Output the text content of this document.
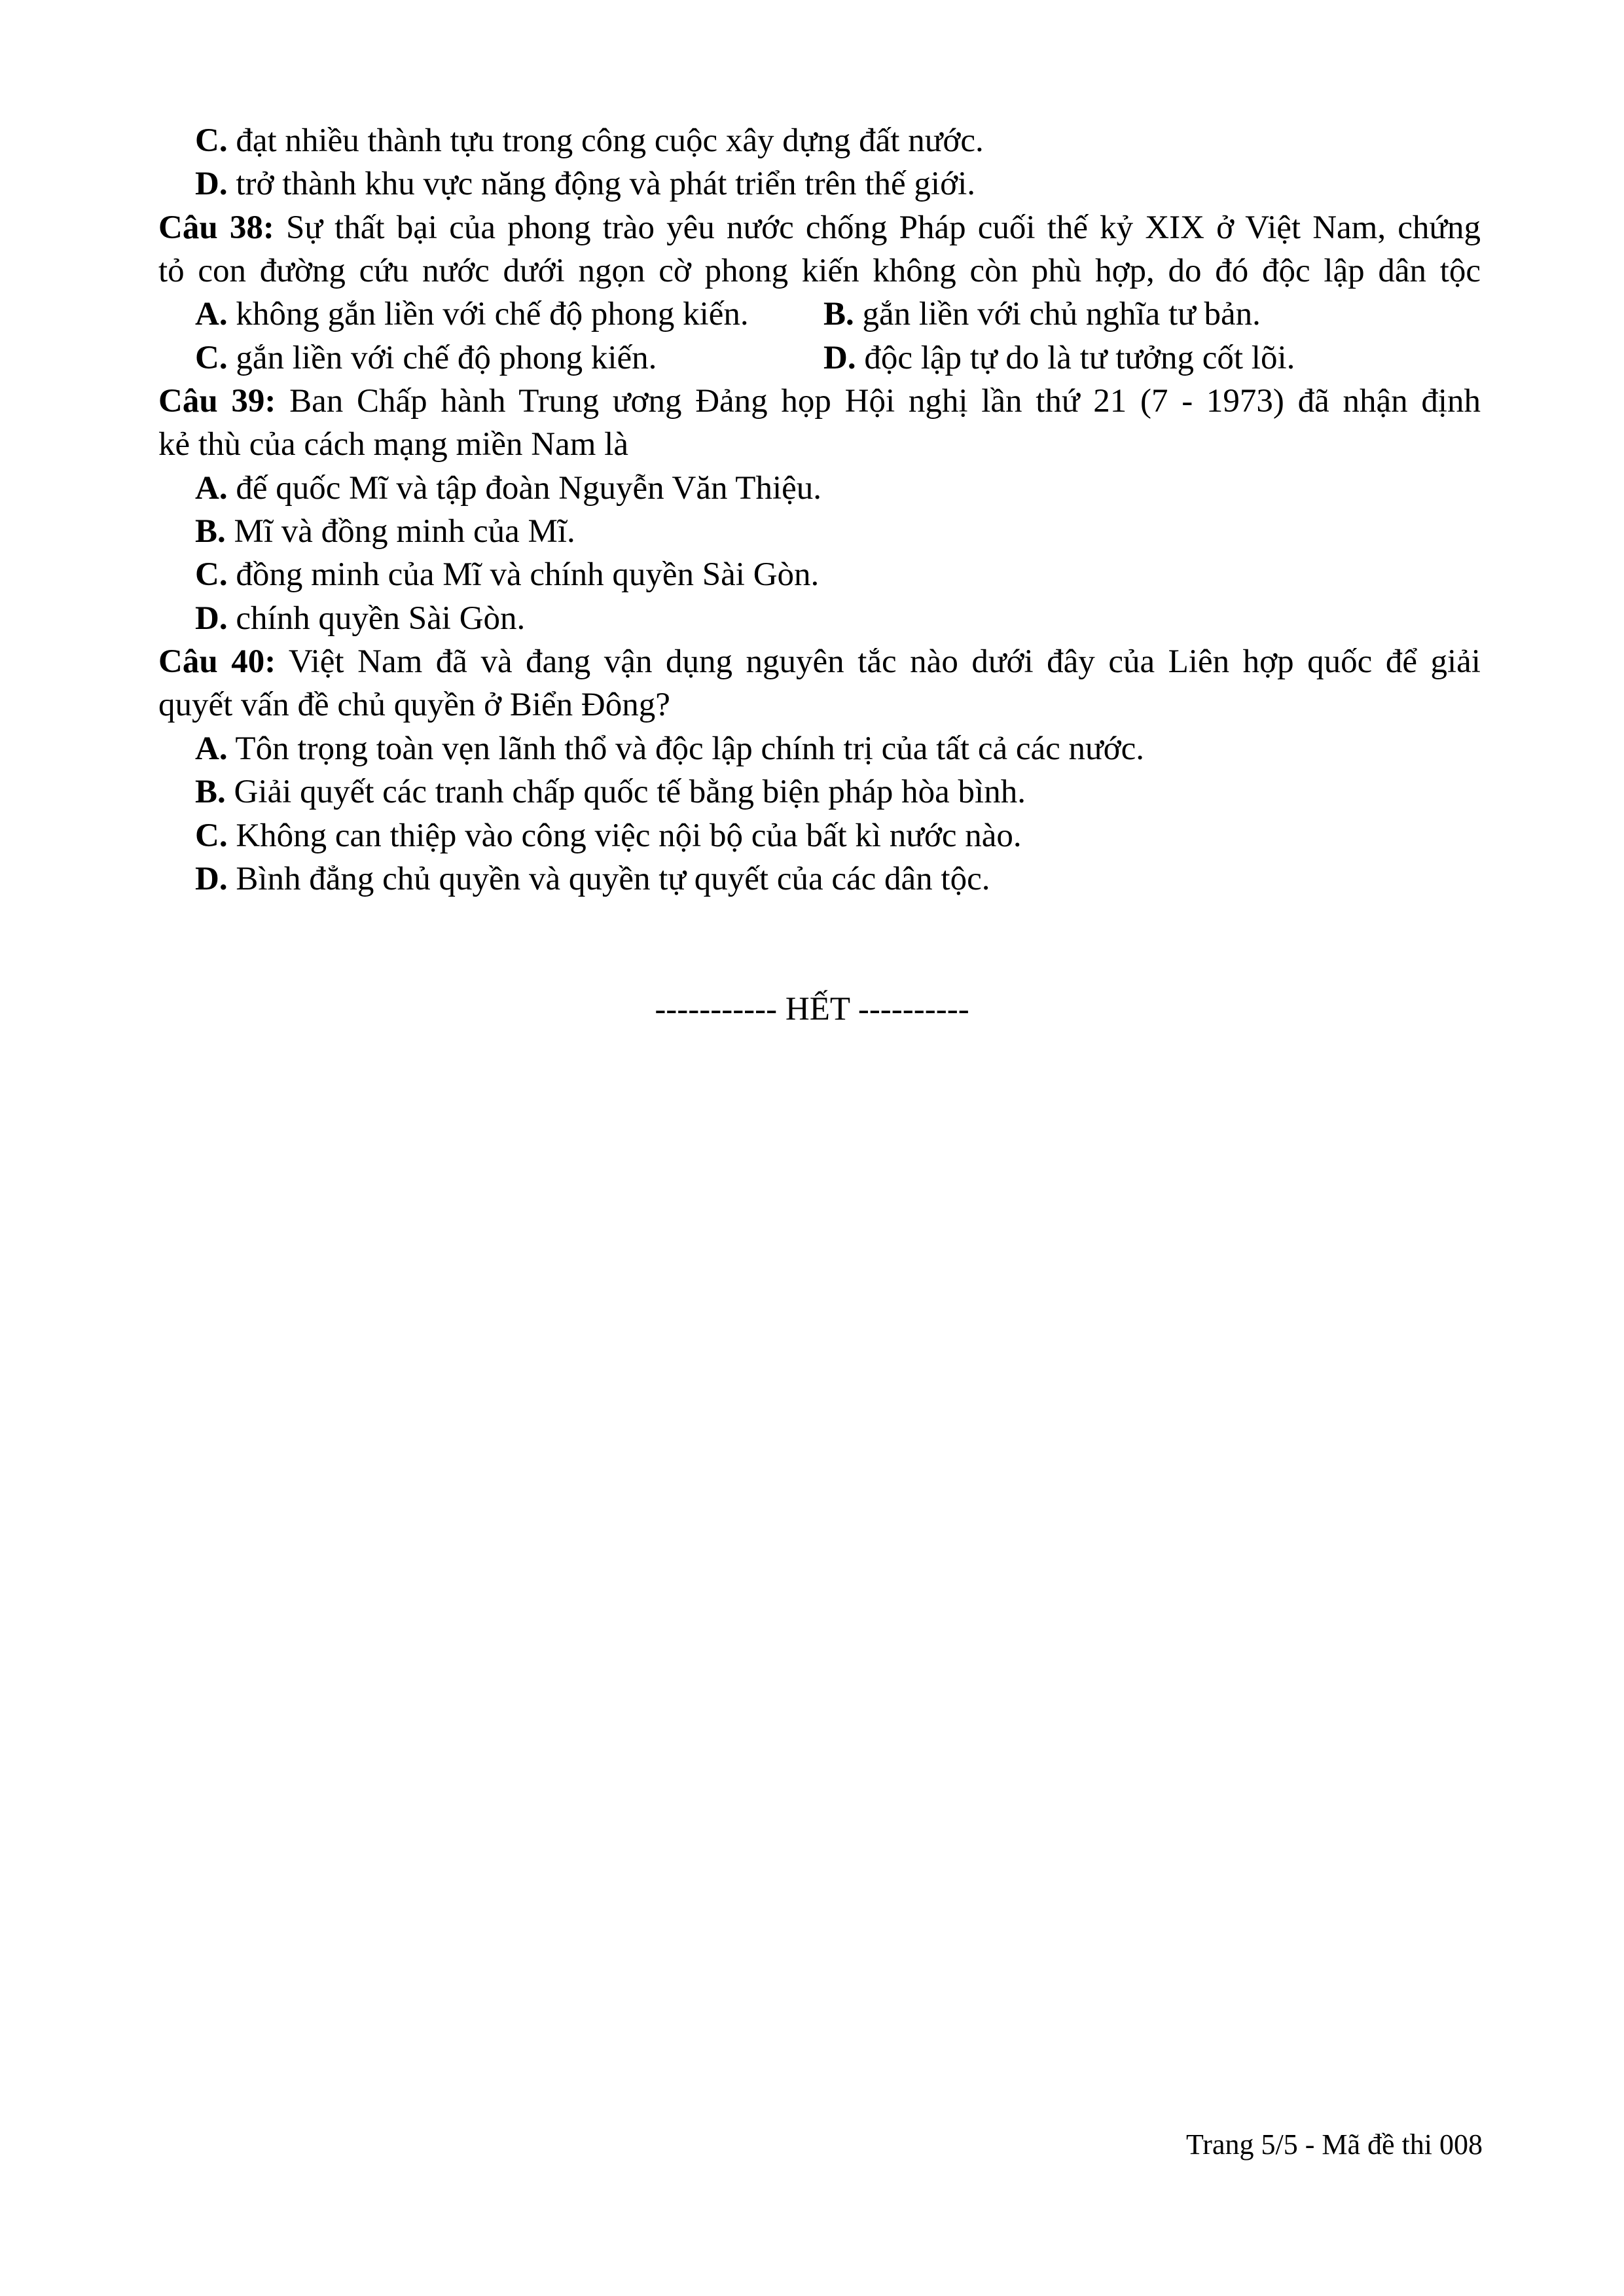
C. đạt nhiều thành tựu trong công cuộc xây dựng đất nước.
D. trở thành khu vực năng động và phát triển trên thế giới.
Câu 38: Sự thất bại của phong trào yêu nước chống Pháp cuối thế kỷ XIX ở Việt Nam, chứng
tỏ con đường cứu nước dưới ngọn cờ phong kiến không còn phù hợp, do đó độc lập dân tộc
A. không gắn liền với chế độ phong kiến. B. gắn liền với chủ nghĩa tư bản.
C. gắn liền với chế độ phong kiến.	D. độc lập tự do là tư tưởng cốt lõi.
Câu 39: Ban Chấp hành Trung ương Đảng họp Hội nghị lần thứ 21 (7 - 1973) đã nhận định
kẻ thù của cách mạng miền Nam là
A. đế quốc Mĩ và tập đoàn Nguyễn Văn Thiệu.
B. Mĩ và đồng minh của Mĩ.
C. đồng minh của Mĩ và chính quyền Sài Gòn.
D. chính quyền Sài Gòn.
Câu 40: Việt Nam đã và đang vận dụng nguyên tắc nào dưới đây của Liên hợp quốc để giải
quyết vấn đề chủ quyền ở Biển Đông?
A. Tôn trọng toàn vẹn lãnh thổ và độc lập chính trị của tất cả các nước.
B. Giải quyết các tranh chấp quốc tế bằng biện pháp hòa bình.
C. Không can thiệp vào công việc nội bộ của bất kì nước nào.
D. Bình đẳng chủ quyền và quyền tự quyết của các dân tộc.
----------- HẾT ----------
Trang 5/5 - Mã đề thi 008
